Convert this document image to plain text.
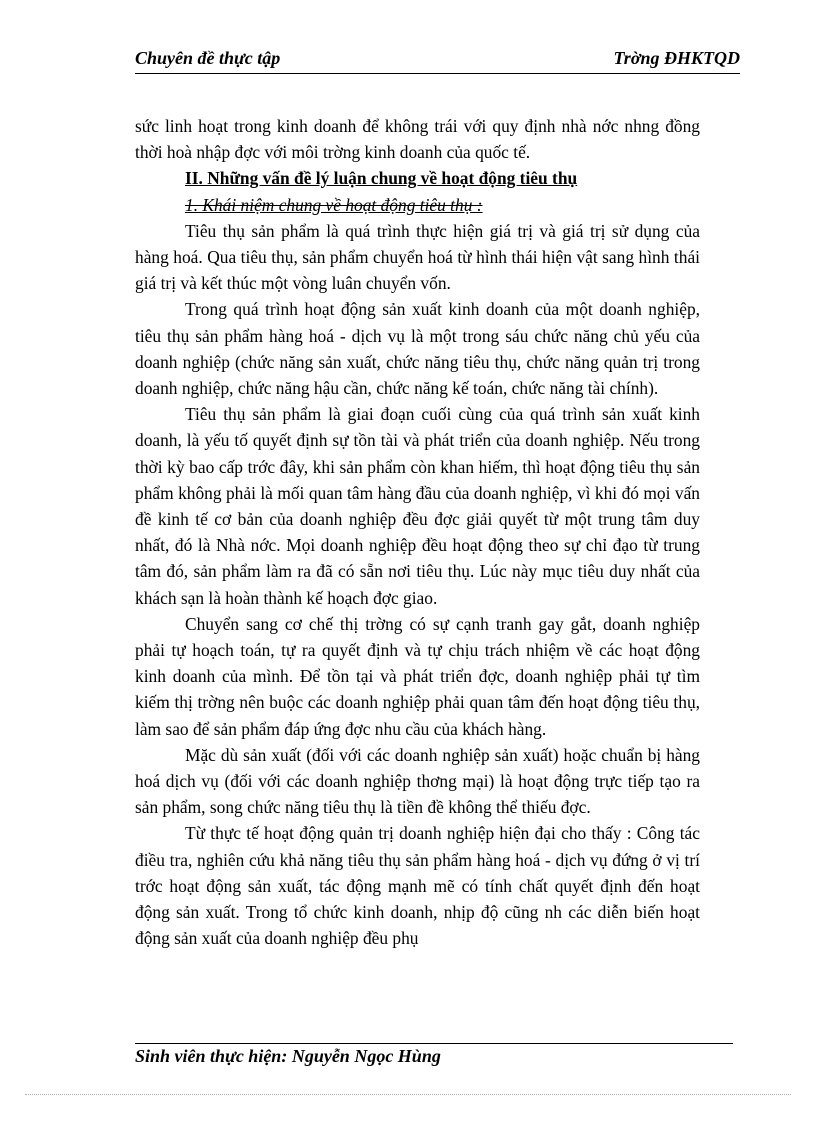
Chuyên đề thực tập	Trờng ĐHKTQD

sức linh hoạt trong kinh doanh để không trái với quy định nhà nớc nhng đồng thời hoà nhập đợc với môi trờng kinh doanh của quốc tế.

II. Những vấn đề lý luận chung về hoạt động tiêu thụ

1. Khái niệm chung về hoạt động tiêu thụ :

Tiêu thụ sản phẩm là quá trình thực hiện giá trị và giá trị sử dụng của hàng hoá. Qua tiêu thụ, sản phẩm chuyển hoá từ hình thái hiện vật sang hình thái giá trị và kết thúc một vòng luân chuyển vốn.

Trong quá trình hoạt động sản xuất kinh doanh của một doanh nghiệp, tiêu thụ sản phẩm hàng hoá - dịch vụ là một trong sáu chức năng chủ yếu của doanh nghiệp (chức năng sản xuất, chức năng tiêu thụ, chức năng quản trị trong doanh nghiệp, chức năng hậu cần, chức năng kế toán, chức năng tài chính).

Tiêu thụ sản phẩm là giai đoạn cuối cùng của quá trình sản xuất kinh doanh, là yếu tố quyết định sự tồn tài và phát triển của doanh nghiệp. Nếu trong thời kỳ bao cấp trớc đây, khi sản phẩm còn khan hiếm, thì hoạt động tiêu thụ sản phẩm không phải là mối quan tâm hàng đầu của doanh nghiệp, vì khi đó mọi vấn đề kinh tế cơ bản của doanh nghiệp đều đợc giải quyết từ một trung tâm duy nhất, đó là Nhà nớc. Mọi doanh nghiệp đều hoạt động theo sự chỉ đạo từ trung tâm đó, sản phẩm làm ra đã có sẵn nơi tiêu thụ. Lúc này mục tiêu duy nhất của khách sạn là hoàn thành kế hoạch đợc giao.

Chuyển sang cơ chế thị trờng có sự cạnh tranh gay gắt, doanh nghiệp phải tự hoạch toán, tự ra quyết định và tự chịu trách nhiệm về các hoạt động kinh doanh của mình. Để tồn tại và phát triển đợc, doanh nghiệp phải tự tìm kiếm thị trờng nên buộc các doanh nghiệp phải quan tâm đến hoạt động tiêu thụ, làm sao để sản phẩm đáp ứng đợc nhu cầu của khách hàng.

Mặc dù sản xuất (đối với các doanh nghiệp sản xuất) hoặc chuẩn bị hàng hoá dịch vụ (đối với các doanh nghiệp thơng mại) là hoạt động trực tiếp tạo ra sản phẩm, song chức năng tiêu thụ là tiền đề không thể thiếu đợc.

Từ thực tế hoạt động quản trị doanh nghiệp hiện đại cho thấy : Công tác điều tra, nghiên cứu khả năng tiêu thụ sản phẩm hàng hoá - dịch vụ đứng ở vị trí trớc hoạt động sản xuất, tác động mạnh mẽ có tính chất quyết định đến hoạt động sản xuất. Trong tổ chức kinh doanh, nhịp độ cũng nh các diễn biến hoạt động sản xuất của doanh nghiệp đều phụ

Sinh viên thực hiện: Nguyễn Ngọc Hùng
